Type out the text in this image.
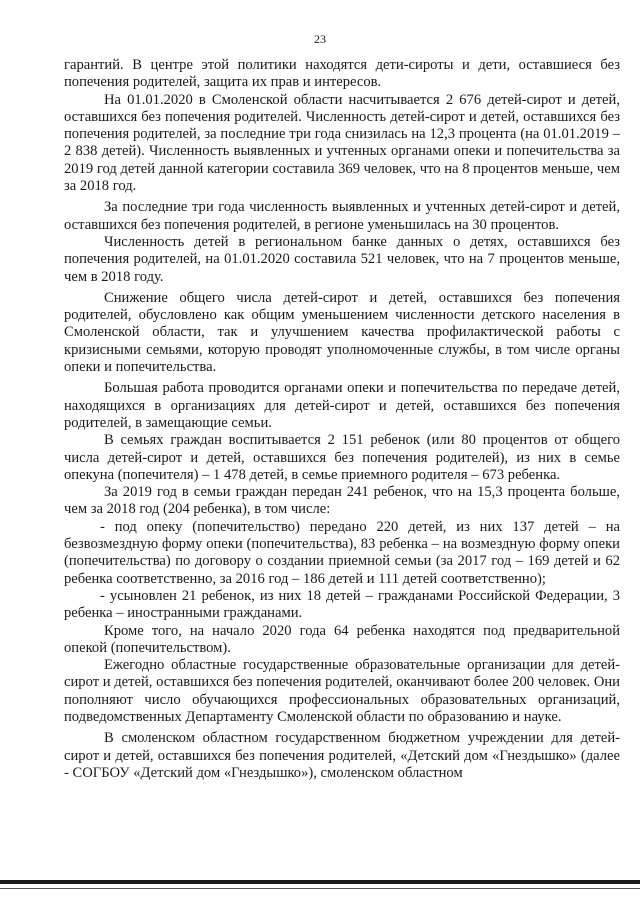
23

гарантий. В центре этой политики находятся дети-сироты и дети, оставшиеся без попечения родителей, защита их прав и интересов.

На 01.01.2020 в Смоленской области насчитывается 2 676 детей-сирот и детей, оставшихся без попечения родителей. Численность детей-сирот и детей, оставшихся без попечения родителей, за последние три года снизилась на 12,3 процента (на 01.01.2019 – 2 838 детей). Численность выявленных и учтенных органами опеки и попечительства за 2019 год детей данной категории составила 369 человек, что на 8 процентов меньше, чем за 2018 год.

За последние три года численность выявленных и учтенных детей-сирот и детей, оставшихся без попечения родителей, в регионе уменьшилась на 30 процентов.

Численность детей в региональном банке данных о детях, оставшихся без попечения родителей, на 01.01.2020 составила 521 человек, что на 7 процентов меньше, чем в 2018 году.

Снижение общего числа детей-сирот и детей, оставшихся без попечения родителей, обусловлено как общим уменьшением численности детского населения в Смоленской области, так и улучшением качества профилактической работы с кризисными семьями, которую проводят уполномоченные службы, в том числе органы опеки и попечительства.

Большая работа проводится органами опеки и попечительства по передаче детей, находящихся в организациях для детей-сирот и детей, оставшихся без попечения родителей, в замещающие семьи.

В семьях граждан воспитывается 2 151 ребенок (или 80 процентов от общего числа детей-сирот и детей, оставшихся без попечения родителей), из них в семье опекуна (попечителя) – 1 478 детей, в семье приемного родителя – 673 ребенка.

За 2019 год в семьи граждан передан 241 ребенок, что на 15,3 процента больше, чем за 2018 год (204 ребенка), в том числе:

- под опеку (попечительство) передано 220 детей, из них 137 детей – на безвозмездную форму опеки (попечительства), 83 ребенка – на возмездную форму опеки (попечительства) по договору о создании приемной семьи (за 2017 год – 169 детей и 62 ребенка соответственно, за 2016 год – 186 детей и 111 детей соответственно);

- усыновлен 21 ребенок, из них 18 детей – гражданами Российской Федерации, 3 ребенка – иностранными гражданами.

Кроме того, на начало 2020 года 64 ребенка находятся под предварительной опекой (попечительством).

Ежегодно областные государственные образовательные организации для детей-сирот и детей, оставшихся без попечения родителей, оканчивают более 200 человек. Они пополняют число обучающихся профессиональных образовательных организаций, подведомственных Департаменту Смоленской области по образованию и науке.

В смоленском областном государственном бюджетном учреждении для детей-сирот и детей, оставшихся без попечения родителей, «Детский дом «Гнездышко» (далее - СОГБОУ «Детский дом «Гнездышко»), смоленском областном
